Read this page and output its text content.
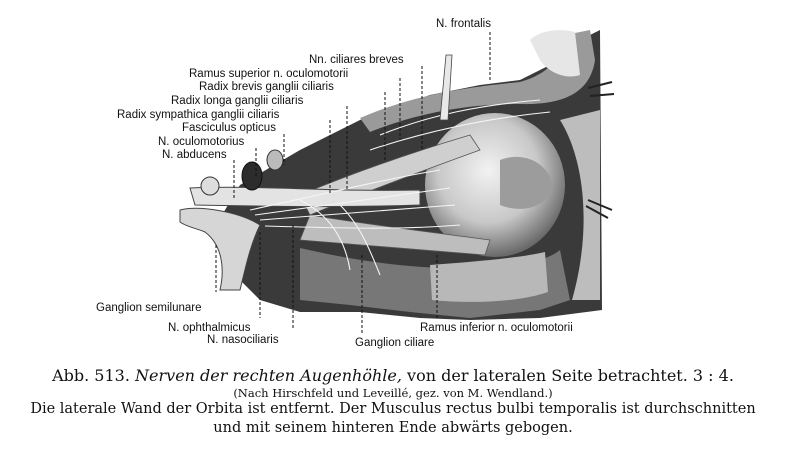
N. frontalis
Nn. ciliares breves
Ramus superior n. oculomotorii
Radix brevis ganglii ciliaris
Radix longa ganglii ciliaris
Radix sympathica ganglii ciliaris
Fasciculus opticus
N. oculomotorius
N. abducens
Ganglion semilunare
N. ophthalmicus
N. nasociliaris	Ganglion ciliare
Ramus inferior n. oculomotorii
Abb. 513. Nerven der rechten Augenhöhle, von der lateralen Seite betrachtet. 3 : 4.
(Nach Hirschfeld und Leveillé, gez. von M. Wendland.)
Die laterale Wand der Orbita ist entfernt. Der Musculus rectus bulbi temporalis ist durchschnitten
und mit seinem hinteren Ende abwärts gebogen.
